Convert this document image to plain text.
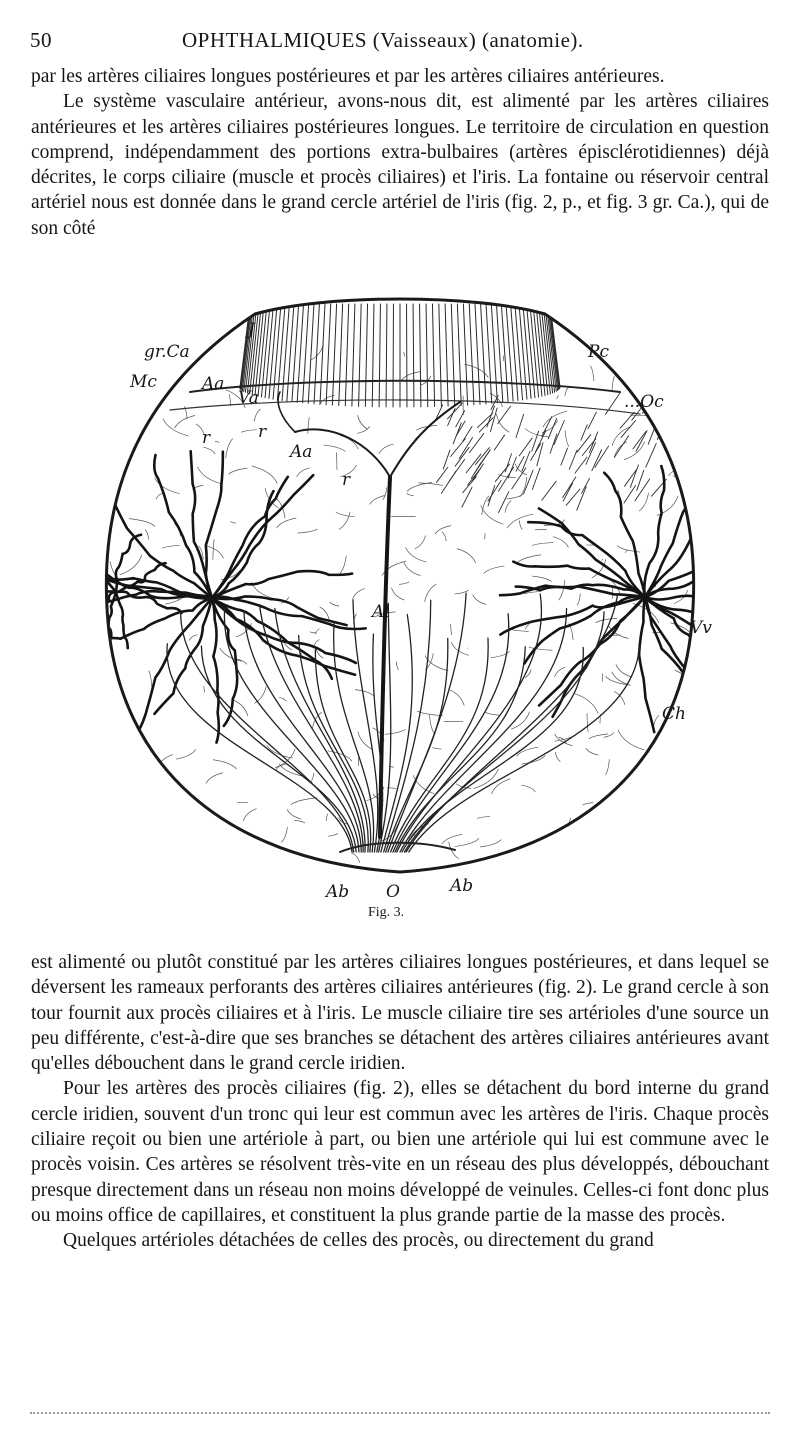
50	OPHTHALMIQUES (Vaisseaux) (anatomie).

par les artères ciliaires longues postérieures et par les artères ciliaires antérieures.

Le système vasculaire antérieur, avons-nous dit, est alimenté par les artères ciliaires antérieures et les artères ciliaires postérieures longues. Le territoire de circulation en question comprend, indépendamment des portions extra-bulbaires (artères épisclérotidiennes) déjà décrites, le corps ciliaire (muscle et procès ciliaires) et l'iris. La fontaine ou réservoir central artériel nous est donnée dans le grand cercle artériel de l'iris (fig. 2, p., et fig. 3 gr. Ca.), qui de son côté

J
gr.Ca	Pc
Mc	Aa
Va	...Oc
r	r
Aa
r
Al
Vv
Ch
Ab O	Ab
Fig. 3.

est alimenté ou plutôt constitué par les artères ciliaires longues postérieures, et dans lequel se déversent les rameaux perforants des artères ciliaires antérieures (fig. 2). Le grand cercle à son tour fournit aux procès ciliaires et à l'iris. Le muscle ciliaire tire ses artérioles d'une source un peu différente, c'est-à-dire que ses branches se détachent des artères ciliaires antérieures avant qu'elles débouchent dans le grand cercle iridien.

Pour les artères des procès ciliaires (fig. 2), elles se détachent du bord interne du grand cercle iridien, souvent d'un tronc qui leur est commun avec les artères de l'iris. Chaque procès ciliaire reçoit ou bien une artériole à part, ou bien une artériole qui lui est commune avec le procès voisin. Ces artères se résolvent très-vite en un réseau des plus développés, débouchant presque directement dans un réseau non moins développé de veinules. Celles-ci font donc plus ou moins office de capillaires, et constituent la plus grande partie de la masse des procès.

Quelques artérioles détachées de celles des procès, ou directement du grand
